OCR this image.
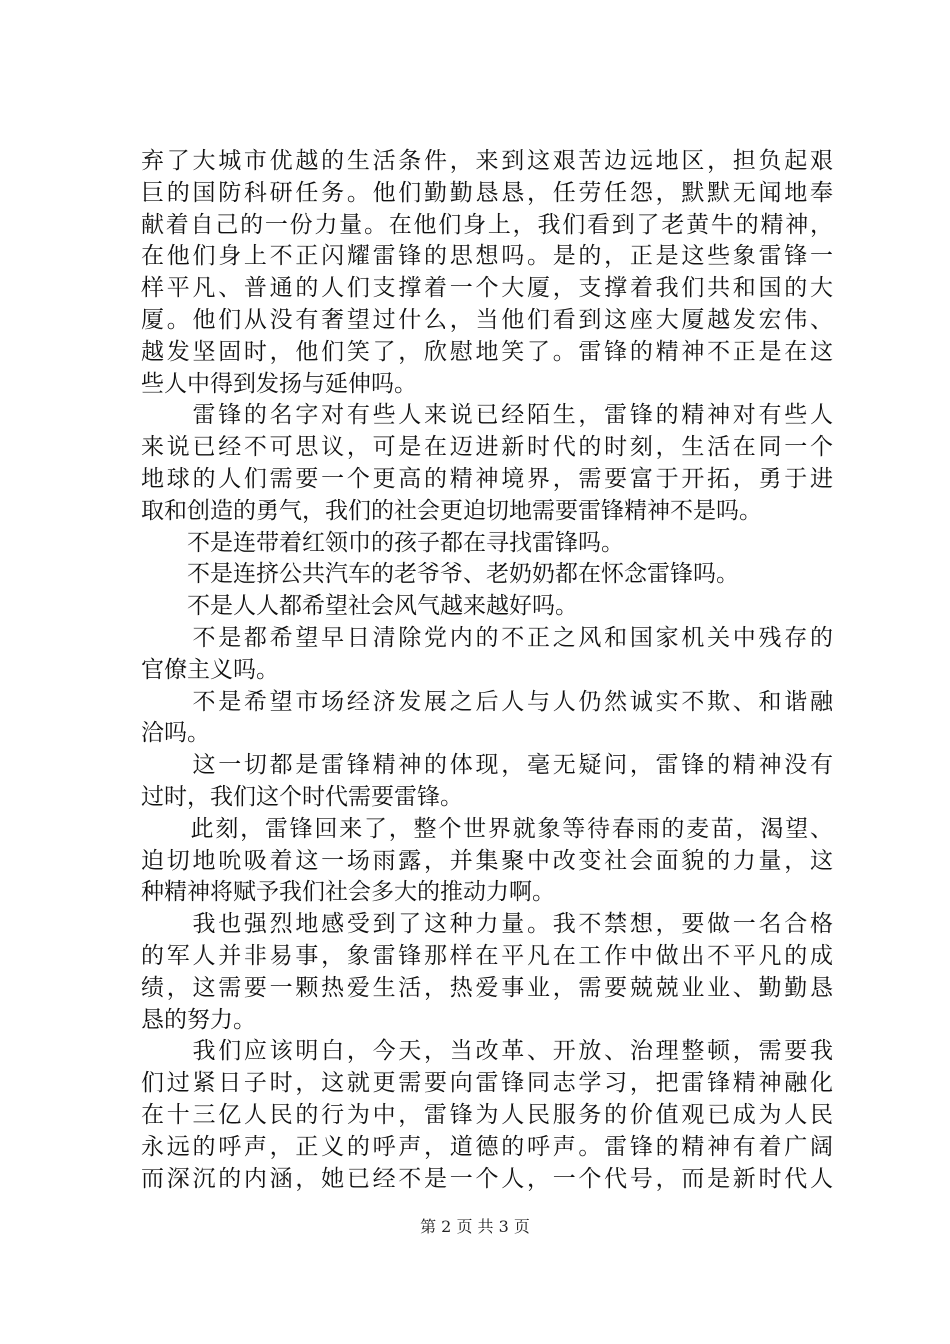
弃了大城市优越的生活条件，来到这艰苦边远地区，担负起艰
巨的国防科研任务。他们勤勤恳恳，任劳任怨，默默无闻地奉
献着自己的一份力量。在他们身上，我们看到了老黄牛的精神，
在他们身上不正闪耀雷锋的思想吗。是的，正是这些象雷锋一
样平凡、普通的人们支撑着一个大厦，支撑着我们共和国的大
厦。他们从没有奢望过什么，当他们看到这座大厦越发宏伟、
越发坚固时，他们笑了，欣慰地笑了。雷锋的精神不正是在这
些人中得到发扬与延伸吗。
　　雷锋的名字对有些人来说已经陌生，雷锋的精神对有些人
来说已经不可思议，可是在迈进新时代的时刻，生活在同一个
地球的人们需要一个更高的精神境界，需要富于开拓，勇于进
取和创造的勇气，我们的社会更迫切地需要雷锋精神不是吗。
　　不是连带着红领巾的孩子都在寻找雷锋吗。
　　不是连挤公共汽车的老爷爷、老奶奶都在怀念雷锋吗。
　　不是人人都希望社会风气越来越好吗。
　　不是都希望早日清除党内的不正之风和国家机关中残存的
官僚主义吗。
　　不是希望市场经济发展之后人与人仍然诚实不欺、和谐融
洽吗。
　　这一切都是雷锋精神的体现，毫无疑问，雷锋的精神没有
过时，我们这个时代需要雷锋。
　　此刻，雷锋回来了，整个世界就象等待春雨的麦苗，渴望、
迫切地吮吸着这一场雨露，并集聚中改变社会面貌的力量，这
种精神将赋予我们社会多大的推动力啊。
　　我也强烈地感受到了这种力量。我不禁想，要做一名合格
的军人并非易事，象雷锋那样在平凡在工作中做出不平凡的成
绩，这需要一颗热爱生活，热爱事业，需要兢兢业业、勤勤恳
恳的努力。
　　我们应该明白，今天，当改革、开放、治理整顿，需要我
们过紧日子时，这就更需要向雷锋同志学习，把雷锋精神融化
在十三亿人民的行为中，雷锋为人民服务的价值观已成为人民
永远的呼声，正义的呼声，道德的呼声。雷锋的精神有着广阔
而深沉的内涵，她已经不是一个人，一个代号，而是新时代人
第 2 页 共 3 页
